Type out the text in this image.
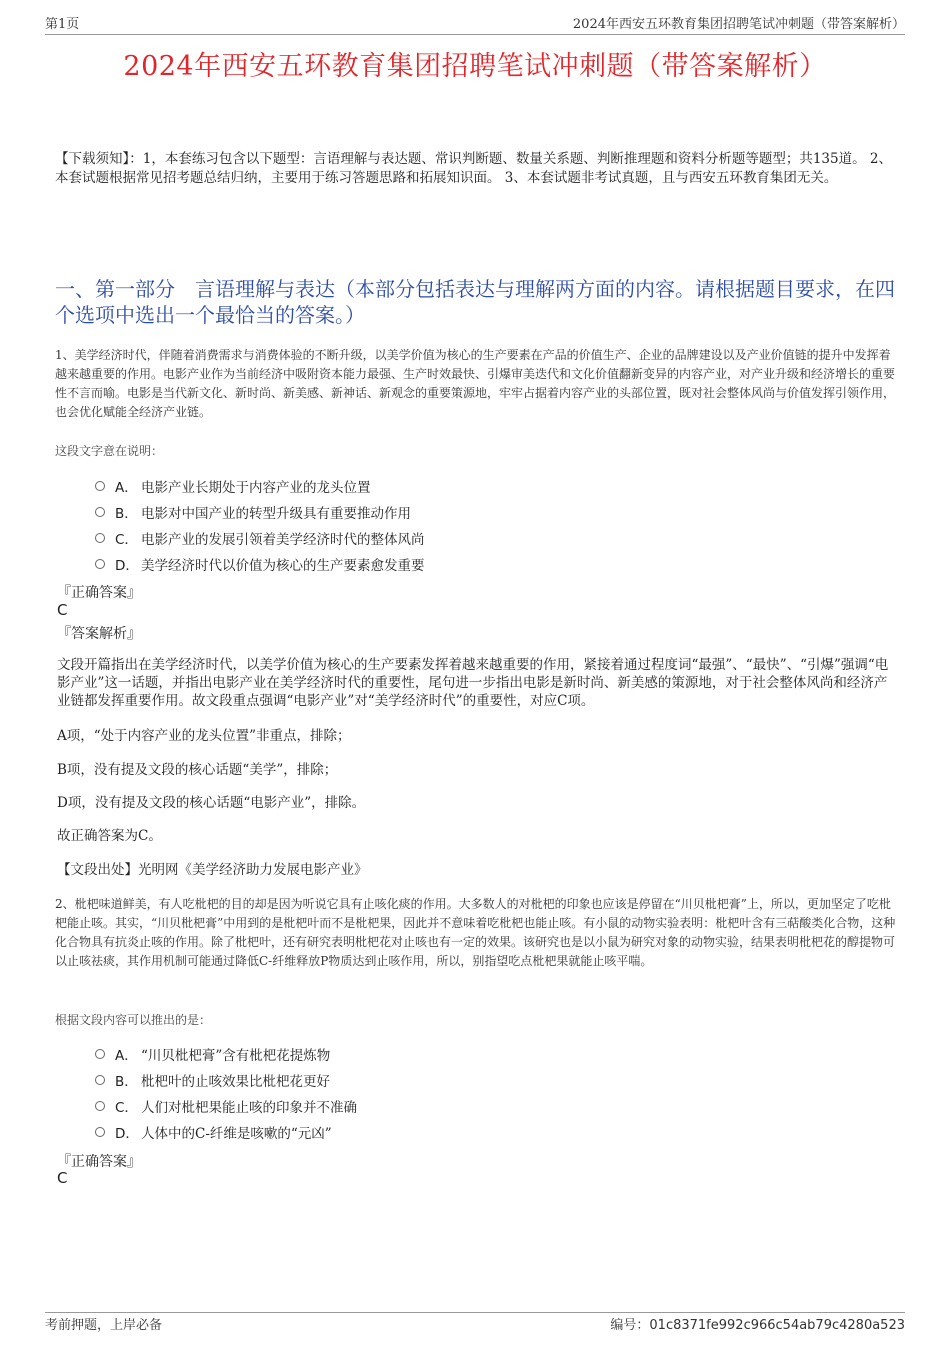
第1页	2024年西安五环教育集团招聘笔试冲刺题（带答案解析）
2024年西安五环教育集团招聘笔试冲刺题（带答案解析）
【下载须知】：1，本套练习包含以下题型：言语理解与表达题、常识判断题、数量关系题、判断推理题和资料分析题等题型；共135道。 2、本套试题根据常见招考题总结归纳，主要用于练习答题思路和拓展知识面。 3、本套试题非考试真题，且与西安五环教育集团无关。
一、第一部分　言语理解与表达（本部分包括表达与理解两方面的内容。请根据题目要求，在四个选项中选出一个最恰当的答案。）
1、美学经济时代，伴随着消费需求与消费体验的不断升级，以美学价值为核心的生产要素在产品的价值生产、企业的品牌建设以及产业价值链的提升中发挥着越来越重要的作用。电影产业作为当前经济中吸附资本能力最强、生产时效最快、引爆审美迭代和文化价值翻新变异的内容产业，对产业升级和经济增长的重要性不言而喻。电影是当代新文化、新时尚、新美感、新神话、新观念的重要策源地，牢牢占据着内容产业的头部位置，既对社会整体风尚与价值发挥引领作用，也会优化赋能全经济产业链。
这段文字意在说明：
A． 电影产业长期处于内容产业的龙头位置
B． 电影对中国产业的转型升级具有重要推动作用
C． 电影产业的发展引领着美学经济时代的整体风尚
D． 美学经济时代以价值为核心的生产要素愈发重要
『正确答案』
C
『答案解析』
文段开篇指出在美学经济时代，以美学价值为核心的生产要素发挥着越来越重要的作用，紧接着通过程度词“最强”、“最快”、“引爆”强调“电影产业”这一话题，并指出电影产业在美学经济时代的重要性，尾句进一步指出电影是新时尚、新美感的策源地，对于社会整体风尚和经济产业链都发挥重要作用。故文段重点强调“电影产业”对“美学经济时代”的重要性，对应C项。
A项，“处于内容产业的龙头位置”非重点，排除；
B项，没有提及文段的核心话题“美学”，排除；
D项，没有提及文段的核心话题“电影产业”，排除。
故正确答案为C。
【文段出处】光明网《美学经济助力发展电影产业》
2、枇杷味道鲜美，有人吃枇杷的目的却是因为听说它具有止咳化痰的作用。大多数人的对枇杷的印象也应该是停留在“川贝枇杷膏”上，所以，更加坚定了吃枇杷能止咳。其实，“川贝枇杷膏”中用到的是枇杷叶而不是枇杷果，因此并不意味着吃枇杷也能止咳。有小鼠的动物实验表明：枇杷叶含有三萜酸类化合物，这种化合物具有抗炎止咳的作用。除了枇杷叶，还有研究表明枇杷花对止咳也有一定的效果。该研究也是以小鼠为研究对象的动物实验，结果表明枇杷花的醇提物可以止咳祛痰，其作用机制可能通过降低C-纤维释放P物质达到止咳作用，所以，别指望吃点枇杷果就能止咳平喘。
根据文段内容可以推出的是：
A． “川贝枇杷膏”含有枇杷花提炼物
B． 枇杷叶的止咳效果比枇杷花更好
C． 人们对枇杷果能止咳的印象并不准确
D． 人体中的C-纤维是咳嗽的“元凶”
『正确答案』
C
考前押题，上岸必备	编号：01c8371fe992c966c54ab79c4280a523
